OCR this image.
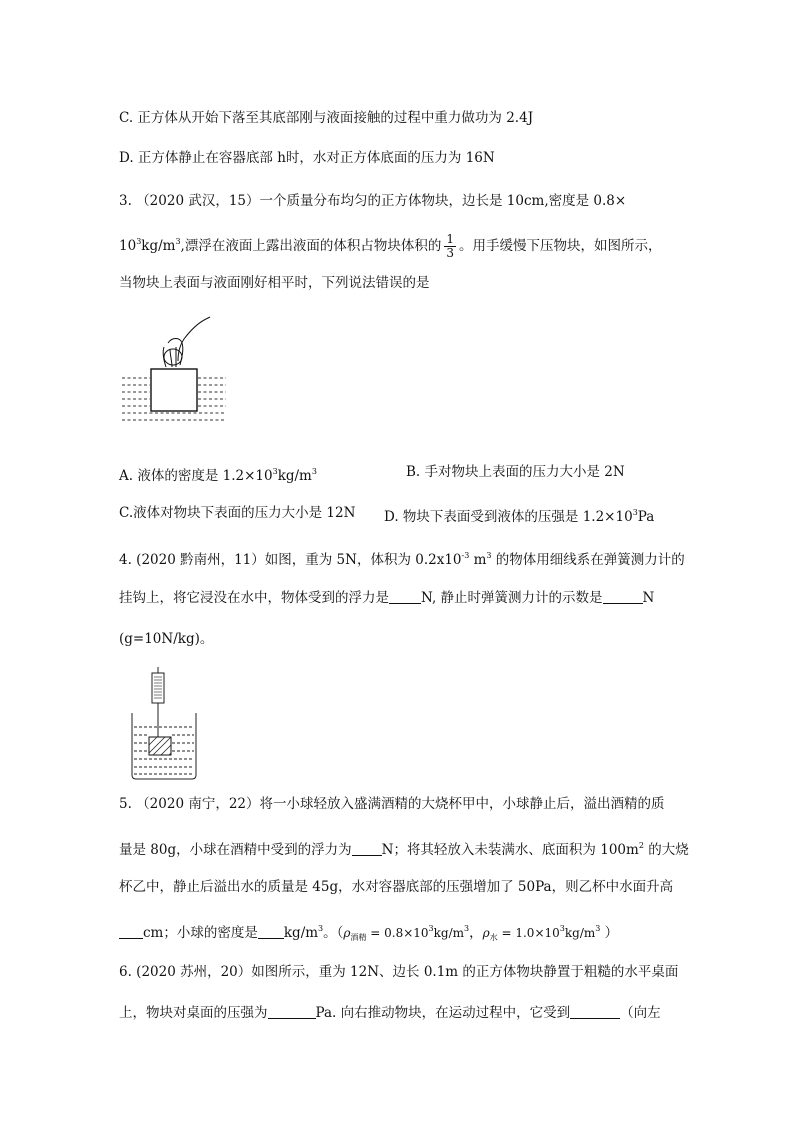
C. 正方体从开始下落至其底部刚与液面接触的过程中重力做功为 2.4J
D. 正方体静止在容器底部 h时，水对正方体底面的压力为 16N
3. （2020 武汉，15）一个质量分布均匀的正方体物块，边长是 10cm,密度是 0.8×
$10^3kg/m^3$,漂浮在液面上露出液面的体积占物块体积的 $\frac{1}{3}$ 。用手缓慢下压物块，如图所示，
当物块上表面与液面刚好相平时，下列说法错误的是
A. 液体的密度是 $1.2\times 10^3kg/m^3$	B. 手对物块上表面的压力大小是 2N
C.液体对物块下表面的压力大小是 12N D. 物块下表面受到液体的压强是 $1.2\times 10^3Pa$
4. (2020 黔南州，11）如图，重为 5N，体积为 $0.2x10^{-3}$ $m^3$ 的物体用细线系在弹簧测力计的
挂钩上，将它浸没在水中，物体受到的浮力是 N, 静止时弹簧测力计的示数是	N
(g=10N/kg)。
5. （2020 南宁，22）将一小球轻放入盛满酒精的大烧杯甲中，小球静止后，溢出酒精的质
量是 80g，小球在酒精中受到的浮力为 N；将其轻放入未装满水、底面积为 $100m^2$ 的大烧
杯乙中，静止后溢出水的质量是 45g，水对容器底部的压强增加了 50Pa，则乙杯中水面升高
cm；小球的密度是 $kg/m^3$。（$\rho_{酒精} = 0.8\times 10^3kg/m^3$，$\rho_水 = 1.0\times 10^3kg/m^3$ ）
6. (2020 苏州，20）如图所示，重为 12N、边长 0.1m 的正方体物块静置于粗糙的水平桌面
上，物块对桌面的压强为	Pa. 向右推动物块，在运动过程中，它受到	（向左
